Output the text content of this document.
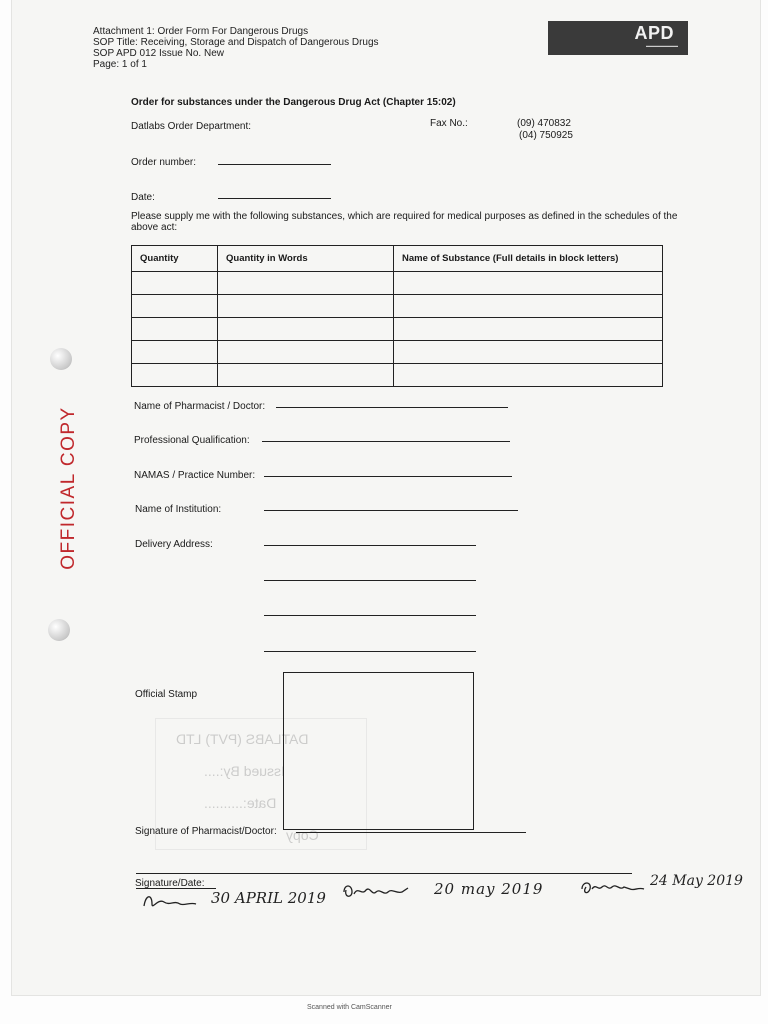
Attachment 1: Order Form For Dangerous Drugs
SOP Title: Receiving, Storage and Dispatch of Dangerous Drugs
SOP APD 012 Issue No. New
Page: 1 of 1
APD
▬▬▬▬▬▬▬▬
Order for substances under the Dangerous Drug Act (Chapter 15:02)
Datlabs Order Department:	Fax No.:	(09) 470832
(04) 750925
Order number:
Date:
Please supply me with the following substances, which are required for medical purposes as defined in the schedules of the above act:
Quantity	Quantity in Words	Name of Substance (Full details in block letters)

OFFICIAL COPY	Name of Pharmacist / Doctor:
Professional Qualification:
NAMAS / Practice Number:
Name of Institution:
Delivery Address:
Official Stamp
DATLABS (PVT) LTD
Issued By:....
Date:..........
Copy
Signature of Pharmacist/Doctor:
Signature/Date:
30 APRIL 2019	20 may 2019	24 May 2019
Scanned with CamScanner
